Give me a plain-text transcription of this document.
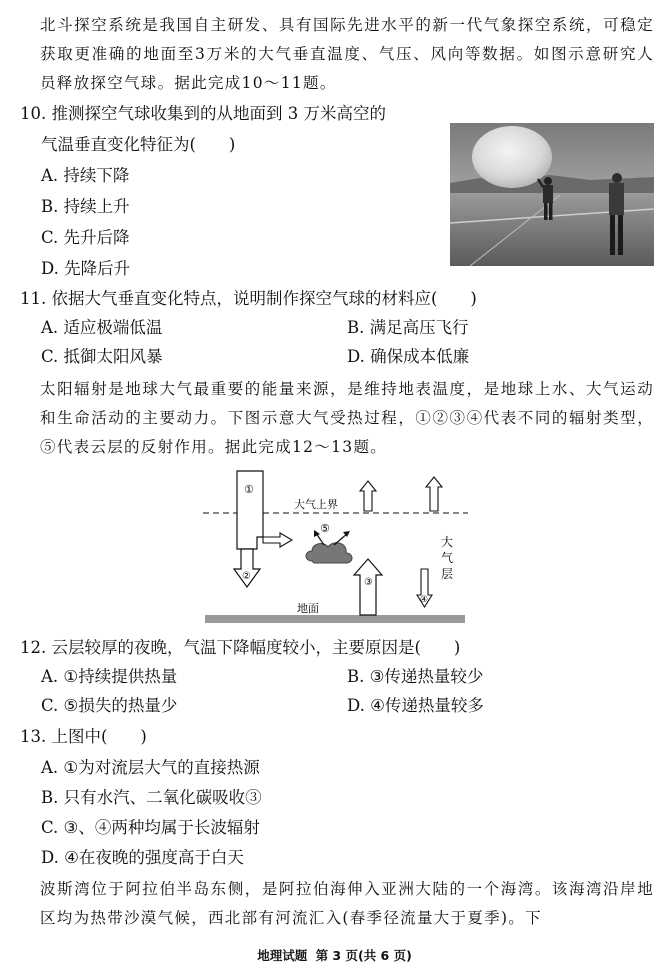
北斗探空系统是我国自主研发、具有国际先进水平的新一代气象探空系统，可稳定获取更准确的地面至3万米的大气垂直温度、气压、风向等数据。如图示意研究人员释放探空气球。据此完成10～11题。

10. 推测探空气球收集到的从地面到 3 万米高空的

气温垂直变化特征为(　　)

A. 持续下降

B. 持续上升

C. 先升后降

D. 先降后升

11. 依据大气垂直变化特点，说明制作探空气球的材料应(　　)

A. 适应极端低温	B. 满足高压飞行

C. 抵御太阳风暴	D. 确保成本低廉

太阳辐射是地球大气最重要的能量来源，是维持地表温度，是地球上水、大气运动和生命活动的主要动力。下图示意大气受热过程，①②③④代表不同的辐射类型，⑤代表云层的反射作用。据此完成12～13题。

①
②
③
④
⑤
大气上界
大
气
层
地面

12. 云层较厚的夜晚，气温下降幅度较小，主要原因是(　　)

A. ①持续提供热量	B. ③传递热量较少

C. ⑤损失的热量少	D. ④传递热量较多

13. 上图中(　　)

A. ①为对流层大气的直接热源

B. 只有水汽、二氧化碳吸收③

C. ③、④两种均属于长波辐射

D. ④在夜晚的强度高于白天

波斯湾位于阿拉伯半岛东侧，是阿拉伯海伸入亚洲大陆的一个海湾。该海湾沿岸地区均为热带沙漠气候，西北部有河流汇入(春季径流量大于夏季)。下

地理试题 第 3 页(共 6 页)
